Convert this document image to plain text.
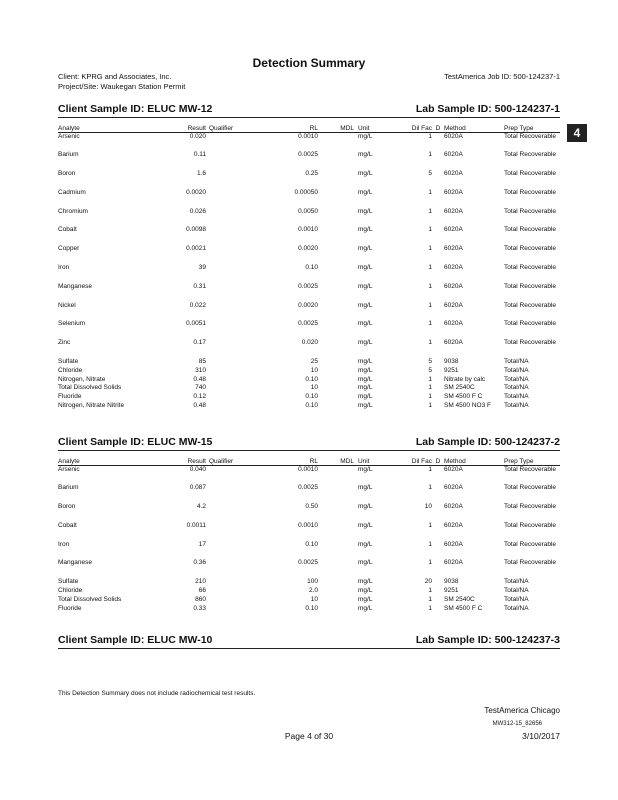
Detection Summary
Client: KPRG and Associates, Inc.
Project/Site: Waukegan Station Permit
TestAmerica Job ID: 500-124237-1
4
Client Sample ID: ELUC MW-12	Lab Sample ID: 500-124237-1
Analyte	Result	Qualifier	RL	MDL	Unit	Dil Fac	D	Method	Prep Type
Arsenic	0.020		0.0010		mg/L	1		6020A	Total Recoverable
Barium	0.11		0.0025		mg/L	1		6020A	Total Recoverable
Boron	1.6		0.25		mg/L	5		6020A	Total Recoverable
Cadmium	0.0020		0.00050		mg/L	1		6020A	Total Recoverable
Chromium	0.026		0.0050		mg/L	1		6020A	Total Recoverable
Cobalt	0.0098		0.0010		mg/L	1		6020A	Total Recoverable
Copper	0.0021		0.0020		mg/L	1		6020A	Total Recoverable
Iron	39		0.10		mg/L	1		6020A	Total Recoverable
Manganese	0.31		0.0025		mg/L	1		6020A	Total Recoverable
Nickel	0.022		0.0020		mg/L	1		6020A	Total Recoverable
Selenium	0.0051		0.0025		mg/L	1		6020A	Total Recoverable
Zinc	0.17		0.020		mg/L	1		6020A	Total Recoverable
Sulfate	85		25		mg/L	5		9038	Total/NA
Chloride	310		10		mg/L	5		9251	Total/NA
Nitrogen, Nitrate	0.48		0.10		mg/L	1		Nitrate by calc	Total/NA
Total Dissolved Solids	740		10		mg/L	1		SM 2540C	Total/NA
Fluoride	0.12		0.10		mg/L	1		SM 4500 F C	Total/NA
Nitrogen, Nitrate Nitrite	0.48		0.10		mg/L	1		SM 4500 NO3 F	Total/NA
Client Sample ID: ELUC MW-15	Lab Sample ID: 500-124237-2
Analyte	Result	Qualifier	RL	MDL	Unit	Dil Fac	D	Method	Prep Type
Arsenic	0.040		0.0010		mg/L	1		6020A	Total Recoverable
Barium	0.087		0.0025		mg/L	1		6020A	Total Recoverable
Boron	4.2		0.50		mg/L	10		6020A	Total Recoverable
Cobalt	0.0011		0.0010		mg/L	1		6020A	Total Recoverable
Iron	17		0.10		mg/L	1		6020A	Total Recoverable
Manganese	0.36		0.0025		mg/L	1		6020A	Total Recoverable
Sulfate	210		100		mg/L	20		9038	Total/NA
Chloride	66		2.0		mg/L	1		9251	Total/NA
Total Dissolved Solids	860		10		mg/L	1		SM 2540C	Total/NA
Fluoride	0.33		0.10		mg/L	1		SM 4500 F C	Total/NA
Client Sample ID: ELUC MW-10	Lab Sample ID: 500-124237-3
This Detection Summary does not include radiochemical test results.
TestAmerica Chicago
MW312-15_82656
3/10/2017
Page 4 of 30
